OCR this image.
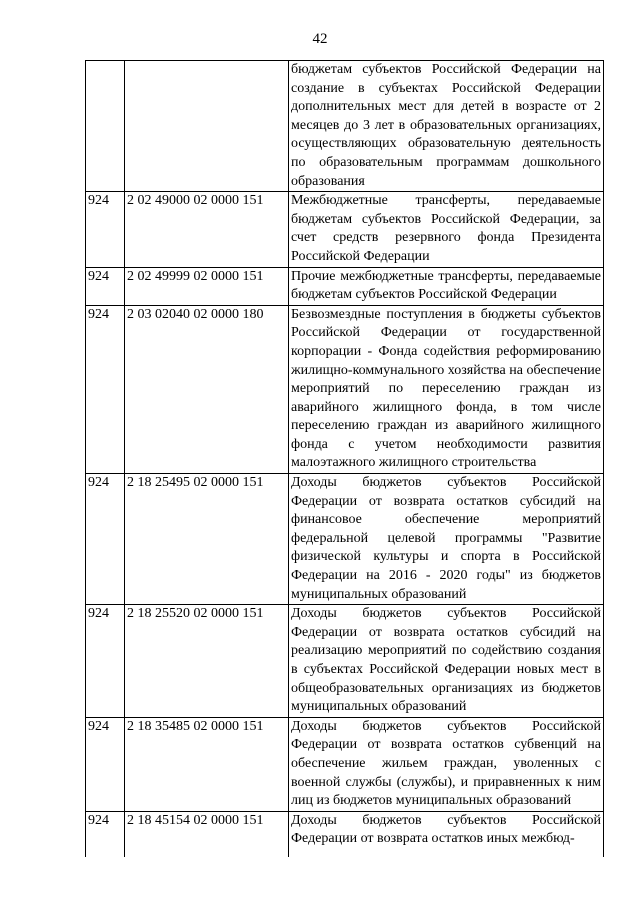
42
		бюджетам субъектов Российской Федерации на создание в субъектах Российской Федерации дополнительных мест для детей в возрасте от 2 месяцев до 3 лет в образовательных организациях, осуществляющих образовательную деятельность по образовательным программам дошкольного образования
924	2 02 49000 02 0000 151	Межбюджетные трансферты, передаваемые бюджетам субъектов Российской Федерации, за счет средств резервного фонда Президента Российской Федерации
924	2 02 49999 02 0000 151	Прочие межбюджетные трансферты, передаваемые бюджетам субъектов Российской Федерации
924	2 03 02040 02 0000 180	Безвозмездные поступления в бюджеты субъектов Российской Федерации от государственной корпорации - Фонда содействия реформированию жилищно-коммунального хозяйства на обеспечение мероприятий по переселению граждан из аварийного жилищного фонда, в том числе переселению граждан из аварийного жилищного фонда с учетом необходимости развития малоэтажного жилищного строительства
924	2 18 25495 02 0000 151	Доходы бюджетов субъектов Российской Федерации от возврата остатков субсидий на финансовое обеспечение мероприятий федеральной целевой программы "Развитие физической культуры и спорта в Российской Федерации на 2016 - 2020 годы" из бюджетов муниципальных образований
924	2 18 25520 02 0000 151	Доходы бюджетов субъектов Российской Федерации от возврата остатков субсидий на реализацию мероприятий по содействию создания в субъектах Российской Федерации новых мест в общеобразовательных организациях из бюджетов муниципальных образований
924	2 18 35485 02 0000 151	Доходы бюджетов субъектов Российской Федерации от возврата остатков субвенций на обеспечение жильем граждан, уволенных с военной службы (службы), и приравненных к ним лиц из бюджетов муниципальных образований
924	2 18 45154 02 0000 151	Доходы бюджетов субъектов Российской Федерации от возврата остатков иных межбюд-
